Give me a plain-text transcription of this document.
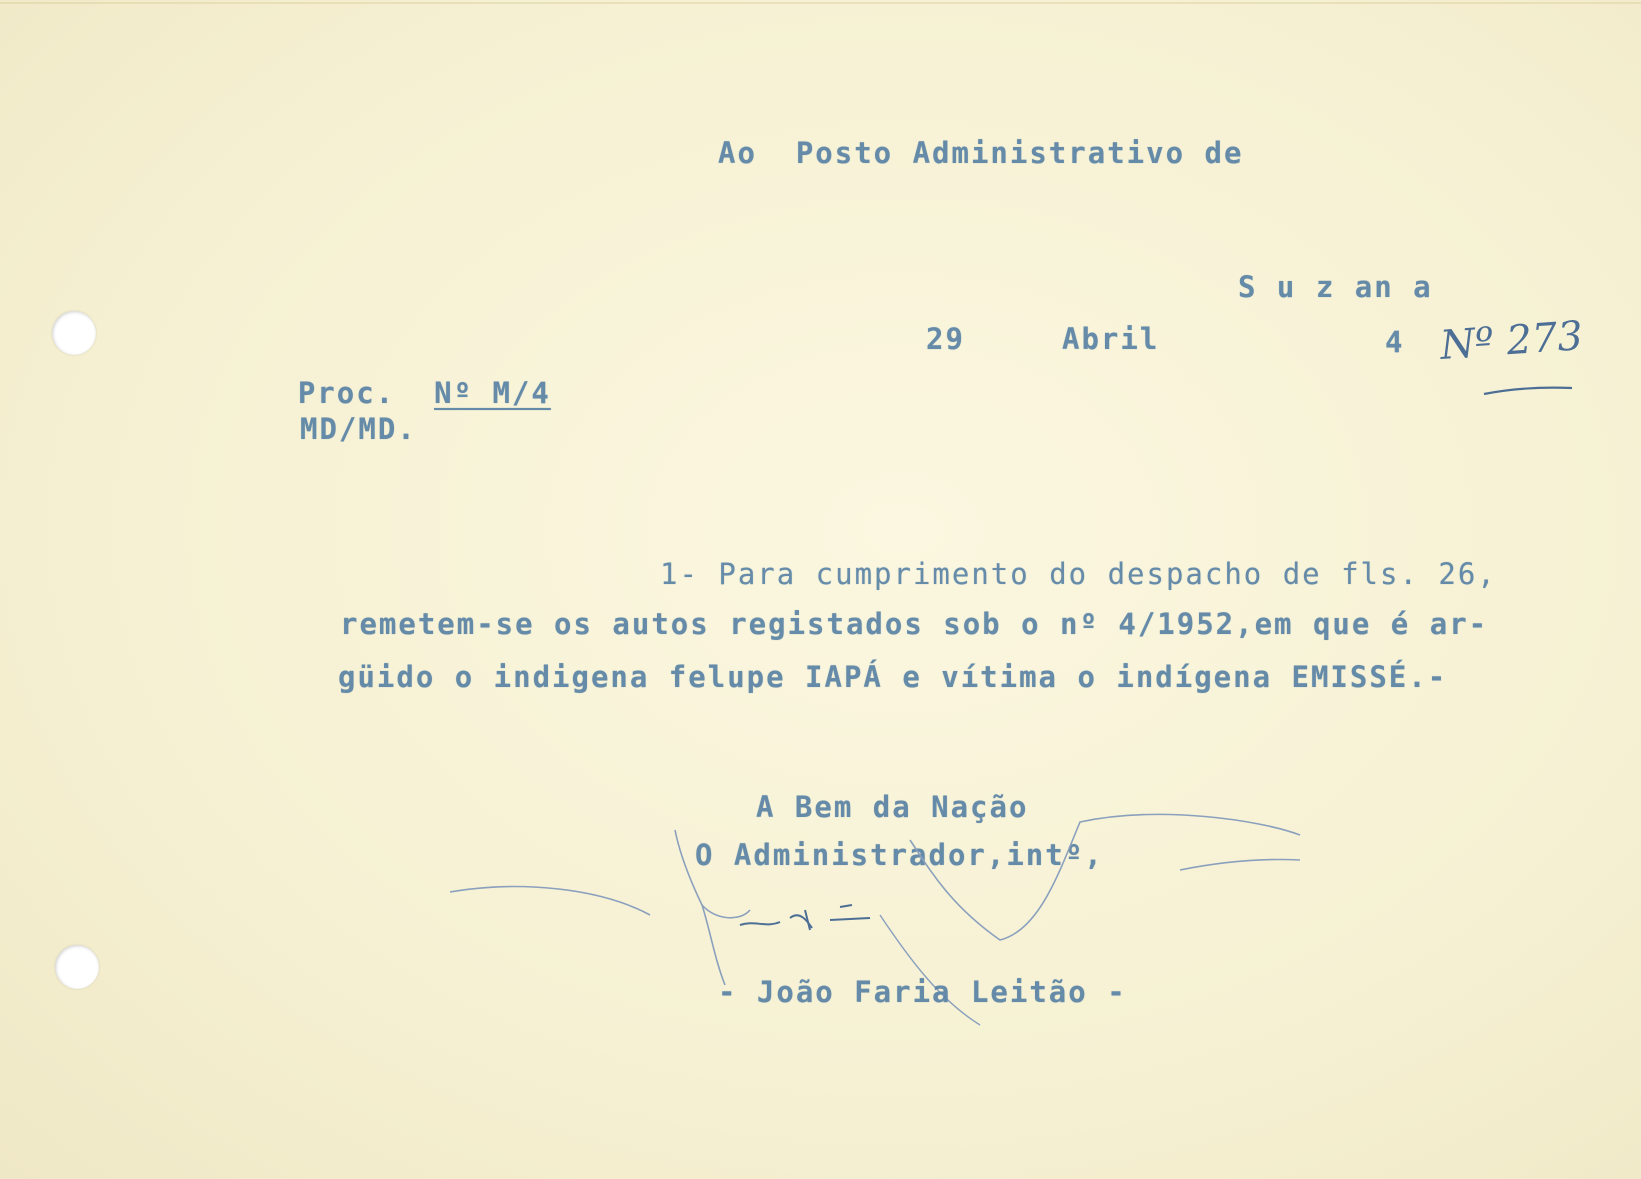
Ao  Posto Administrativo de
S u z an a
29	Abril	4 Nº 273

Proc. Nº M/4

MD/MD.
1- Para cumprimento do despacho de fls. 26,
remetem-se os autos registados sob o nº 4/1952,em que é ar-
güido o indigena felupe IAPÁ e vítima o indígena EMISSÉ.-
A Bem da Nação
O Administrador,intº,
- João Faria Leitão -
